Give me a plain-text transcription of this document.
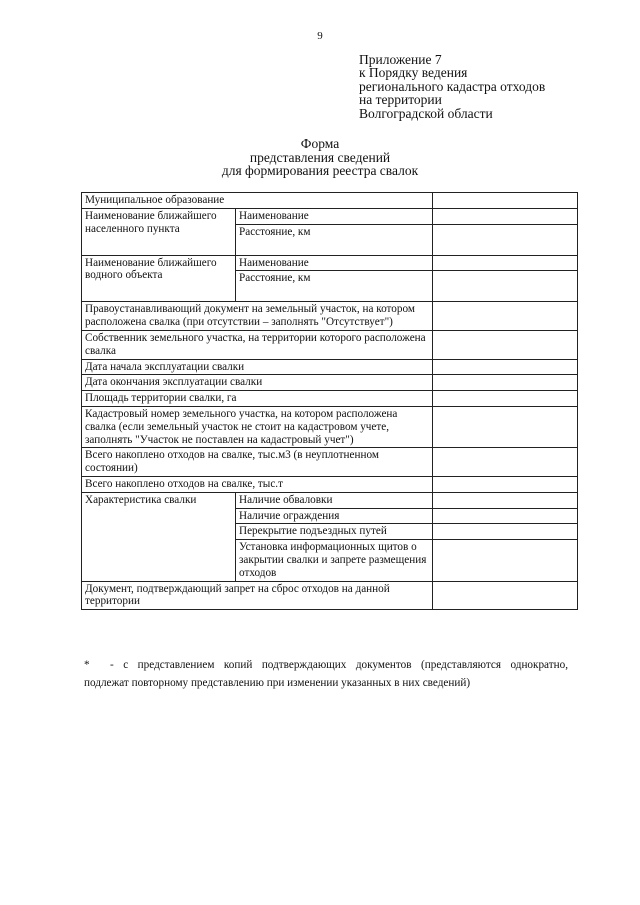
9
Приложение 7
к Порядку ведения
регионального кадастра отходов
на территории
Волгоградской области
Форма
представления сведений
для формирования реестра свалок
Муниципальное образование		
Наименование ближайшего населенного пункта	Наименование	
	Расстояние, км	
Наименование ближайшего водного объекта	Наименование	
	Расстояние, км	
Правоустанавливающий документ на земельный участок, на котором расположена свалка (при отсутствии – заполнять "Отсутствует")		
Собственник земельного участка, на территории которого расположена свалка		
Дата начала эксплуатации свалки		
Дата окончания эксплуатации свалки		
Площадь территории свалки, га		
Кадастровый номер земельного участка, на котором расположена свалка (если земельный участок не стоит на кадастровом учете, заполнять "Участок не поставлен на кадастровый учет")		
Всего накоплено отходов на свалке, тыс.м3 (в неуплотненном состоянии)		
Всего накоплено отходов на свалке, тыс.т		
Характеристика свалки	Наличие обваловки	
	Наличие ограждения	
	Перекрытие подъездных путей	
	Установка информационных щитов о закрытии свалки и запрете размещения отходов	
Документ, подтверждающий запрет на сброс отходов на данной территории		
* - с представлением копий подтверждающих документов (представляются однократно, подлежат повторному представлению при изменении указанных в них сведений)
